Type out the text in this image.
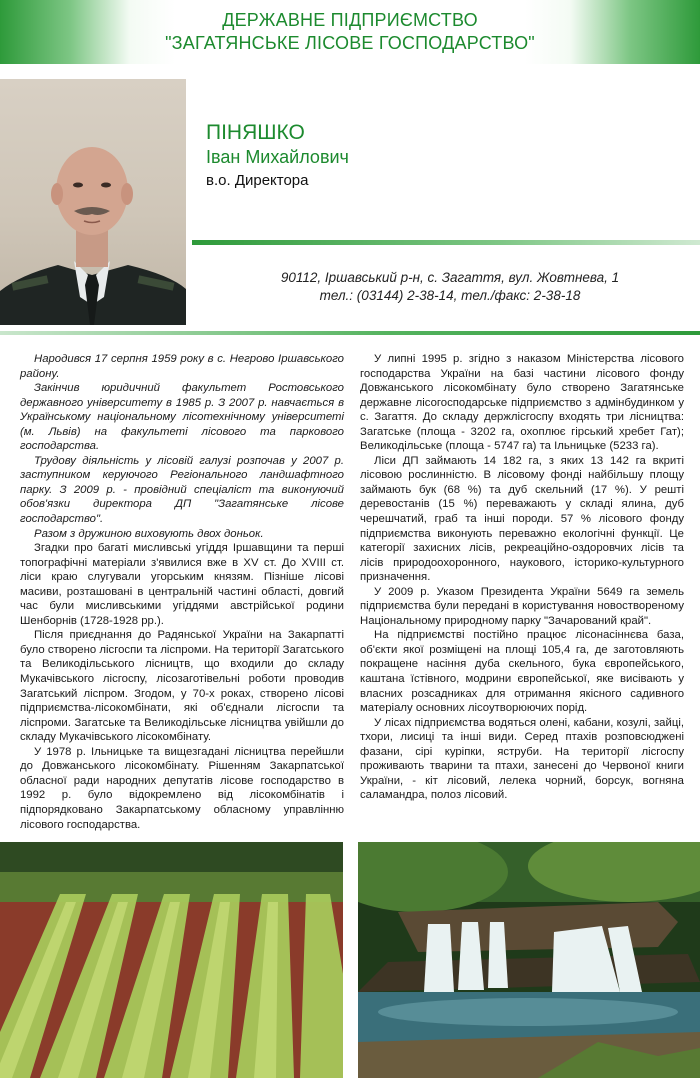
ДЕРЖАВНЕ ПІДПРИЄМСТВО
"ЗАГАТЯНСЬКЕ ЛІСОВЕ ГОСПОДАРСТВО"
ПІНЯШКО
Іван Михайлович
в.о. Директора
90112, Іршавський р-н, с. Загаття, вул. Жовтнева, 1
тел.: (03144) 2-38-14, тел./факс: 2-38-18

Народився 17 серпня 1959 року в с. Негрово Іршавського району.

Закінчив юридичний факультет Ростовського державного університету в 1985 р. З 2007 р. навчається в Українському національному лісотехнічному університеті (м. Львів) на факультеті лісового та паркового господарства.

Трудову діяльність у лісовій галузі розпочав у 2007 р. заступником керуючого Регіонального ландшафтного парку. З 2009 р. - провідний спеціаліст та виконуючий обов'язки директора ДП "Загатянське лісове господарство".

Разом з дружиною виховують двох доньок.

Згадки про багаті мисливські угіддя Іршавщини та перші топографічні матеріали з'явилися вже в XV ст. До XVIII ст. ліси краю слугували угорським князям. Пізніше лісові масиви, розташовані в центральній частині області, довгий час були мисливськими угіддями австрійської родини Шенборнів (1728-1928 рр.).

Після приєднання до Радянської України на Закарпатті було створено лісгоспи та ліспроми. На території Загатського та Великодільського лісництв, що входили до складу Мукачівського лісгоспу, лісозаготівельні роботи проводив Загатський ліспром. Згодом, у 70-х роках, створено лісові підприємства-лісокомбінати, які об'єднали лісгоспи та ліспроми. Загатське та Великодільське лісництва увійшли до складу Мукачівського лісокомбінату.

У 1978 р. Ільницьке та вищезгадані лісництва перейшли до Довжанського лісокомбінату. Рішенням Закарпатської обласної ради народних депутатів лісове господарство в 1992 р. було відокремлено від лісокомбінатів і підпорядковано Закарпатському обласному управлінню лісового господарства.

У липні 1995 р. згідно з наказом Міністерства лісового господарства України на базі частини лісового фонду Довжанського лісокомбінату було створено Загатянське державне лісогосподарське підприємство з адмінбудинком у с. Загаття. До складу держлісгоспу входять три лісництва: Загатське (площа - 3202 га, охоплює гірський хребет Гат); Великодільське (площа - 5747 га) та Ільницьке (5233 га).

Ліси ДП займають 14 182 га, з яких 13 142 га вкриті лісовою рослинністю. В лісовому фонді найбільшу площу займають бук (68 %) та дуб скельний (17 %). У решті деревостанів (15 %) переважають у складі ялина, дуб черешчатий, граб та інші породи. 57 % лісового фонду підприємства виконують переважно екологічні функції. Це категорії захисних лісів, рекреаційно-оздоровчих лісів та лісів природоохоронного, наукового, історико-культурного призначення.

У 2009 р. Указом Президента України 5649 га земель підприємства були передані в користування новоствореному Національному природному парку "Зачарований край".

На підприємстві постійно працює лісонасіннєва база, об'єкти якої розміщені на площі 105,4 га, де заготовляють покращене насіння дуба скельного, бука європейського, каштана їстівного, модрини європейської, яке висівають у власних розсадниках для отримання якісного садивного матеріалу основних лісоутворюючих порід.

У лісах підприємства водяться олені, кабани, козулі, зайці, тхори, лисиці та інші види. Серед птахів розповсюджені фазани, сірі куріпки, яструби. На території лісгоспу проживають тварини та птахи, занесені до Червоної книги України, - кіт лісовий, лелека чорний, борсук, вогняна саламандра, полоз лісовий.
